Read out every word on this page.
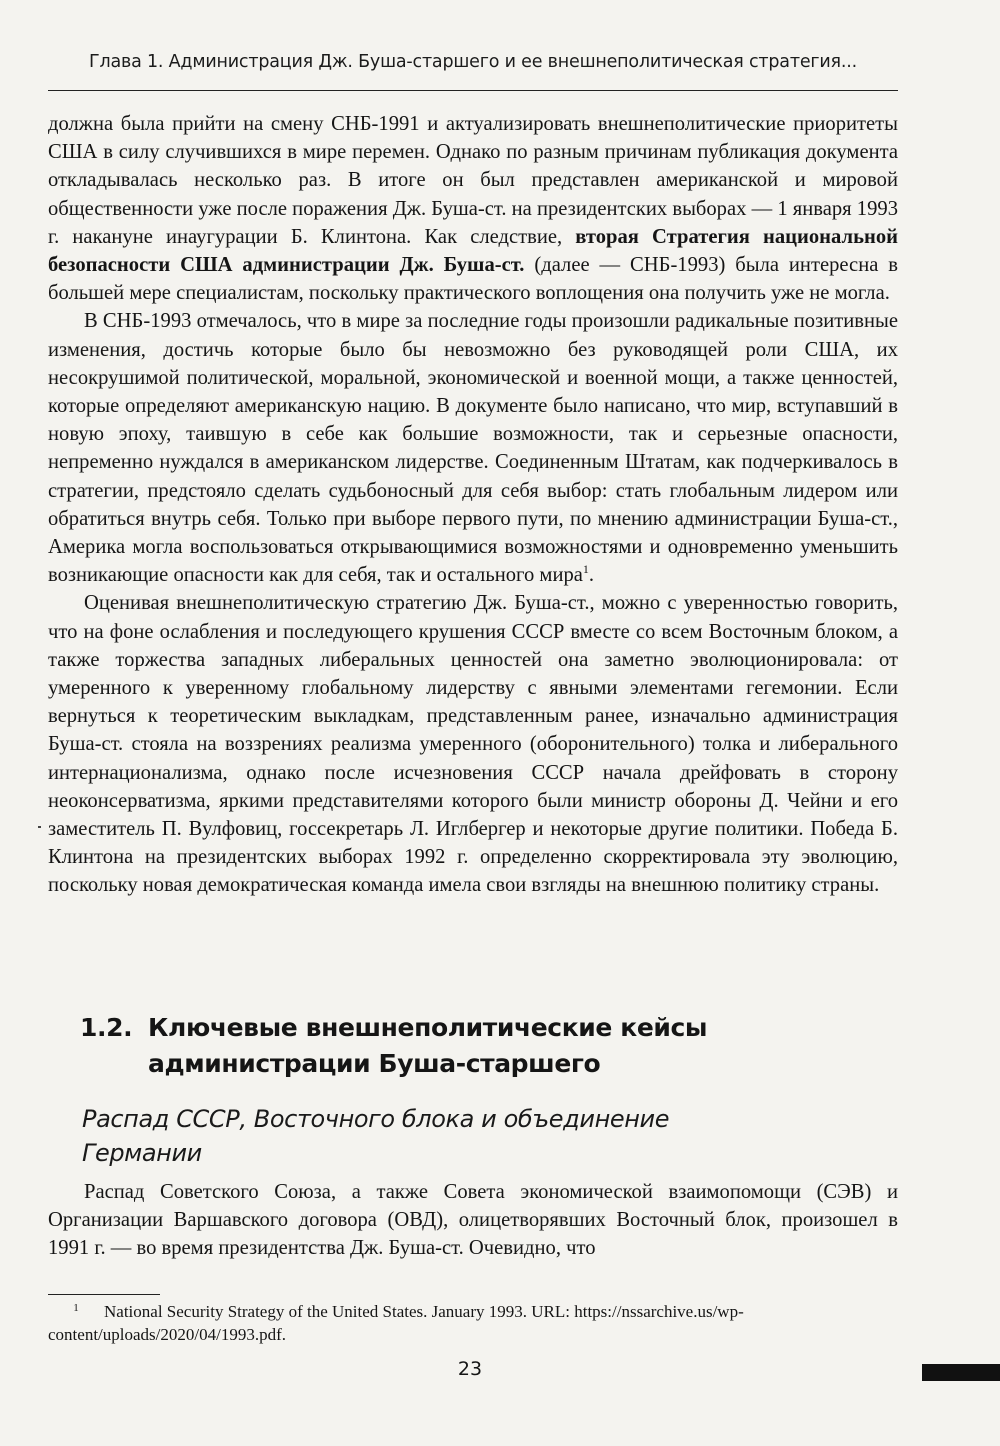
Глава 1. Администрация Дж. Буша-старшего и ее внешнеполитическая стратегия...

должна была прийти на смену СНБ-1991 и актуализировать внешнеполитические приоритеты США в силу случившихся в мире перемен. Однако по разным причинам публикация документа откладывалась несколько раз. В итоге он был представлен американской и мировой общественности уже после поражения Дж. Буша-ст. на президентских выборах — 1 января 1993 г. накануне инаугурации Б. Клинтона. Как следствие, вторая Стратегия национальной безопасности США администрации Дж. Буша-ст. (далее — СНБ-1993) была интересна в большей мере специалистам, поскольку практического воплощения она получить уже не могла.

В СНБ-1993 отмечалось, что в мире за последние годы произошли радикальные позитивные изменения, достичь которые было бы невозможно без руководящей роли США, их несокрушимой политической, моральной, экономической и военной мощи, а также ценностей, которые определяют американскую нацию. В документе было написано, что мир, вступавший в новую эпоху, таившую в себе как большие возможности, так и серьезные опасности, непременно нуждался в американском лидерстве. Соединенным Штатам, как подчеркивалось в стратегии, предстояло сделать судьбоносный для себя выбор: стать глобальным лидером или обратиться внутрь себя. Только при выборе первого пути, по мнению администрации Буша-ст., Америка могла воспользоваться открывающимися возможностями и одновременно уменьшить возникающие опасности как для себя, так и остального мира$^1$.

Оценивая внешнеполитическую стратегию Дж. Буша-ст., можно с уверенностью говорить, что на фоне ослабления и последующего крушения СССР вместе со всем Восточным блоком, а также торжества западных либеральных ценностей она заметно эволюционировала: от умеренного к уверенному глобальному лидерству с явными элементами гегемонии. Если вернуться к теоретическим выкладкам, представленным ранее, изначально администрация Буша-ст. стояла на воззрениях реализма умеренного (оборонительного) толка и либерального интернационализма, однако после исчезновения СССР начала дрейфовать в сторону неоконсерватизма, яркими представителями которого были министр обороны Д. Чейни и его заместитель П. Вулфовиц, госсекретарь Л. Иглбергер и некоторые другие политики. Победа Б. Клинтона на президентских выборах 1992 г. определенно скорректировала эту эволюцию, поскольку новая демократическая команда имела свои взгляды на внешнюю политику страны.

1.2. Ключевые внешнеполитические кейсы
администрации Буша-старшего
Распад СССР, Восточного блока и объединение
Германии

Распад Советского Союза, а также Совета экономической взаимопомощи (СЭВ) и Организации Варшавского договора (ОВД), олицетворявших Восточный блок, произошел в 1991 г. — во время президентства Дж. Буша-ст. Очевидно, что

1 National Security Strategy of the United States. January 1993. URL: https://nssarchive.us/wp-content/uploads/2020/04/1993.pdf.
23
